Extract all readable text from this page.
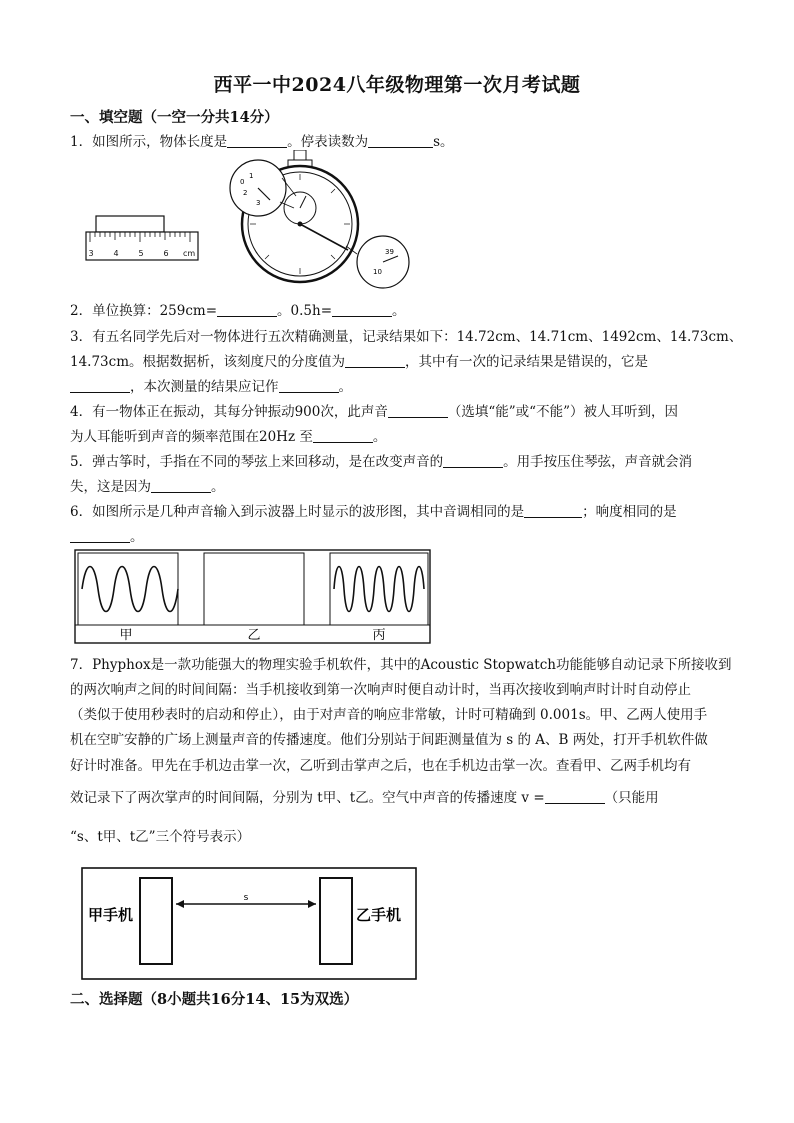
西平一中2024八年级物理第一次月考试题
一、填空题（一空一分共14分）
1．如图所示，物体长度是	。停表读数为	s。
3 4 5 6 cm
0
1
2
3
39
10
2．单位换算：259cm=	。0.5h=	。
3．有五名同学先后对一物体进行五次精确测量，记录结果如下：14.72cm、14.71cm、1492cm、14.73cm、
14.73cm。根据数据析，该刻度尺的分度值为	，其中有一次的记录结果是错误的，它是
，本次测量的结果应记作	。
4．有一物体正在振动，其每分钟振动900次，此声音	（选填“能”或“不能”）被人耳听到，因
为人耳能听到声音的频率范围在20Hz 至	。
5．弹古筝时，手指在不同的琴弦上来回移动，是在改变声音的	。用手按压住琴弦，声音就会消
失，这是因为	。
6．如图所示是几种声音输入到示波器上时显示的波形图，其中音调相同的是	；响度相同的是
。
甲	乙	丙
7．Phyphox是一款功能强大的物理实验手机软件，其中的Acoustic Stopwatch功能能够自动记录下所接收到
的两次响声之间的时间间隔：当手机接收到第一次响声时便自动计时，当再次接收到响声时计时自动停止
（类似于使用秒表时的启动和停止），由于对声音的响应非常敏，计时可精确到 0.001s。甲、乙两人使用手
机在空旷安静的广场上测量声音的传播速度。他们分别站于间距测量值为 s 的 A、B 两处，打开手机软件做
好计时准备。甲先在手机边击掌一次，乙听到击掌声之后，也在手机边击掌一次。查看甲、乙两手机均有
效记录下了两次掌声的时间间隔，分别为 t甲、t乙。空气中声音的传播速度 v =	（只能用
“s、t甲、t乙”三个符号表示）
s
甲手机	乙手机
二、选择题（8小题共16分14、15为双选）
